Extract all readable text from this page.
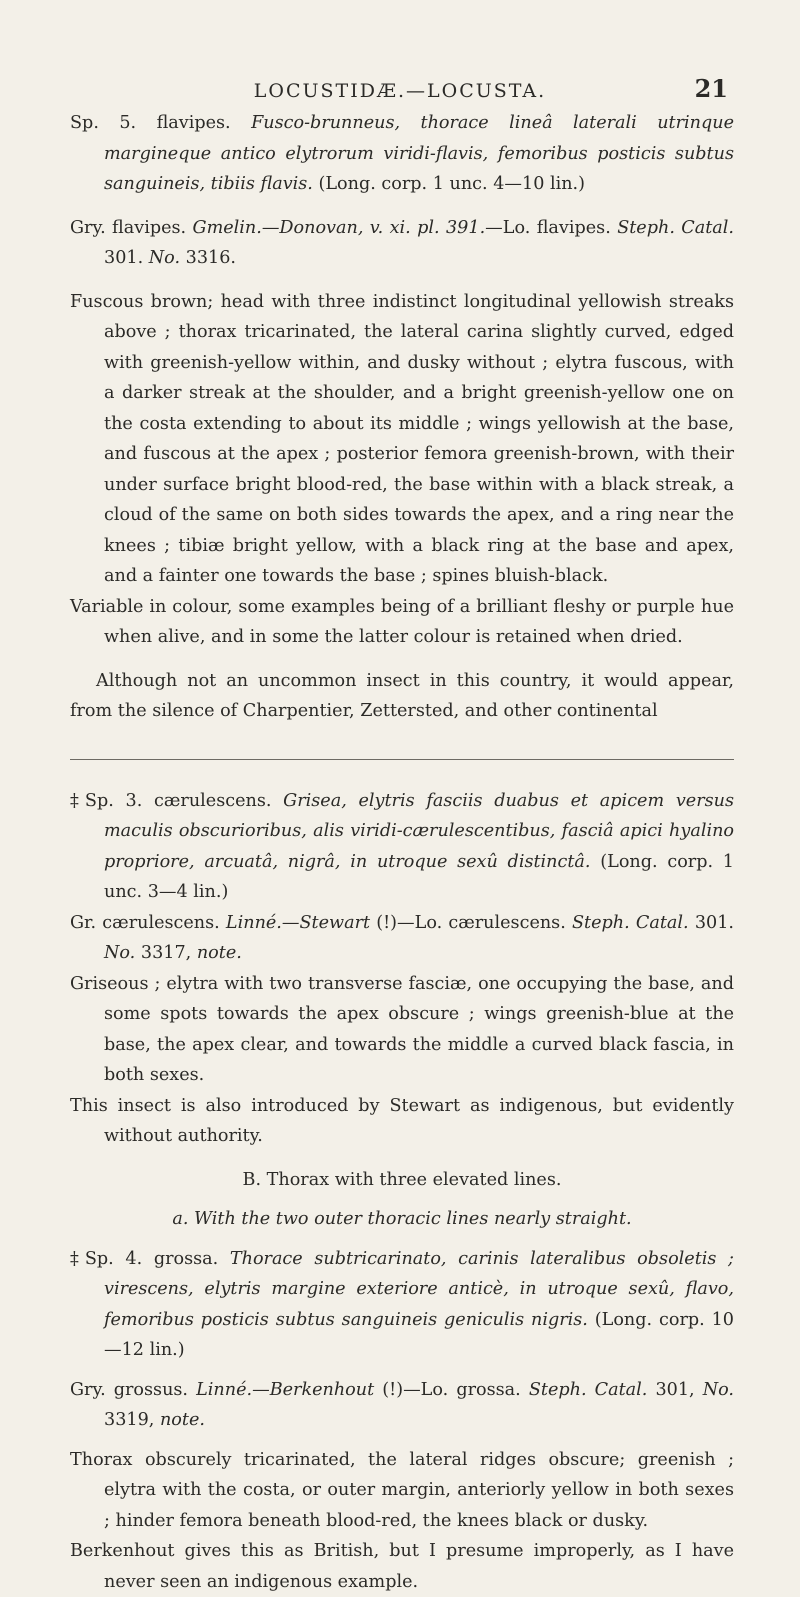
LOCUSTIDÆ.—LOCUSTA.	21

Sp. 5. flavipes. Fusco-brunneus, thorace lineâ laterali utrinque margineque antico elytrorum viridi-flavis, femoribus posticis subtus sanguineis, tibiis flavis. (Long. corp. 1 unc. 4—10 lin.)

Gry. flavipes. Gmelin.—Donovan, v. xi. pl. 391.—Lo. flavipes. Steph. Catal. 301. No. 3316.

Fuscous brown; head with three indistinct longitudinal yellowish streaks above ; thorax tricarinated, the lateral carina slightly curved, edged with greenish-yellow within, and dusky without ; elytra fuscous, with a darker streak at the shoulder, and a bright greenish-yellow one on the costa extending to about its middle ; wings yellowish at the base, and fuscous at the apex ; posterior femora greenish-brown, with their under surface bright blood-red, the base within with a black streak, a cloud of the same on both sides towards the apex, and a ring near the knees ; tibiæ bright yellow, with a black ring at the base and apex, and a fainter one towards the base ; spines bluish-black.

Variable in colour, some examples being of a brilliant fleshy or purple hue when alive, and in some the latter colour is retained when dried.

Although not an uncommon insect in this country, it would appear, from the silence of Charpentier, Zettersted, and other continental

‡Sp. 3. cærulescens. Grisea, elytris fasciis duabus et apicem versus maculis obscurioribus, alis viridi-cærulescentibus, fasciâ apici hyalino propriore, arcuatâ, nigrâ, in utroque sexû distinctâ. (Long. corp. 1 unc. 3—4 lin.)

Gr. cærulescens. Linné.—Stewart (!)—Lo. cærulescens. Steph. Catal. 301. No. 3317, note.

Griseous ; elytra with two transverse fasciæ, one occupying the base, and some spots towards the apex obscure ; wings greenish-blue at the base, the apex clear, and towards the middle a curved black fascia, in both sexes.

This insect is also introduced by Stewart as indigenous, but evidently without authority.

B. Thorax with three elevated lines.

a. With the two outer thoracic lines nearly straight.

‡Sp. 4. grossa. Thorace subtricarinato, carinis lateralibus obsoletis ; virescens, elytris margine exteriore anticè, in utroque sexû, flavo, femoribus posticis subtus sanguineis geniculis nigris. (Long. corp. 10—12 lin.)

Gry. grossus. Linné.—Berkenhout (!)—Lo. grossa. Steph. Catal. 301, No. 3319, note.

Thorax obscurely tricarinated, the lateral ridges obscure; greenish ; elytra with the costa, or outer margin, anteriorly yellow in both sexes ; hinder femora beneath blood-red, the knees black or dusky.

Berkenhout gives this as British, but I presume improperly, as I have never seen an indigenous example.
